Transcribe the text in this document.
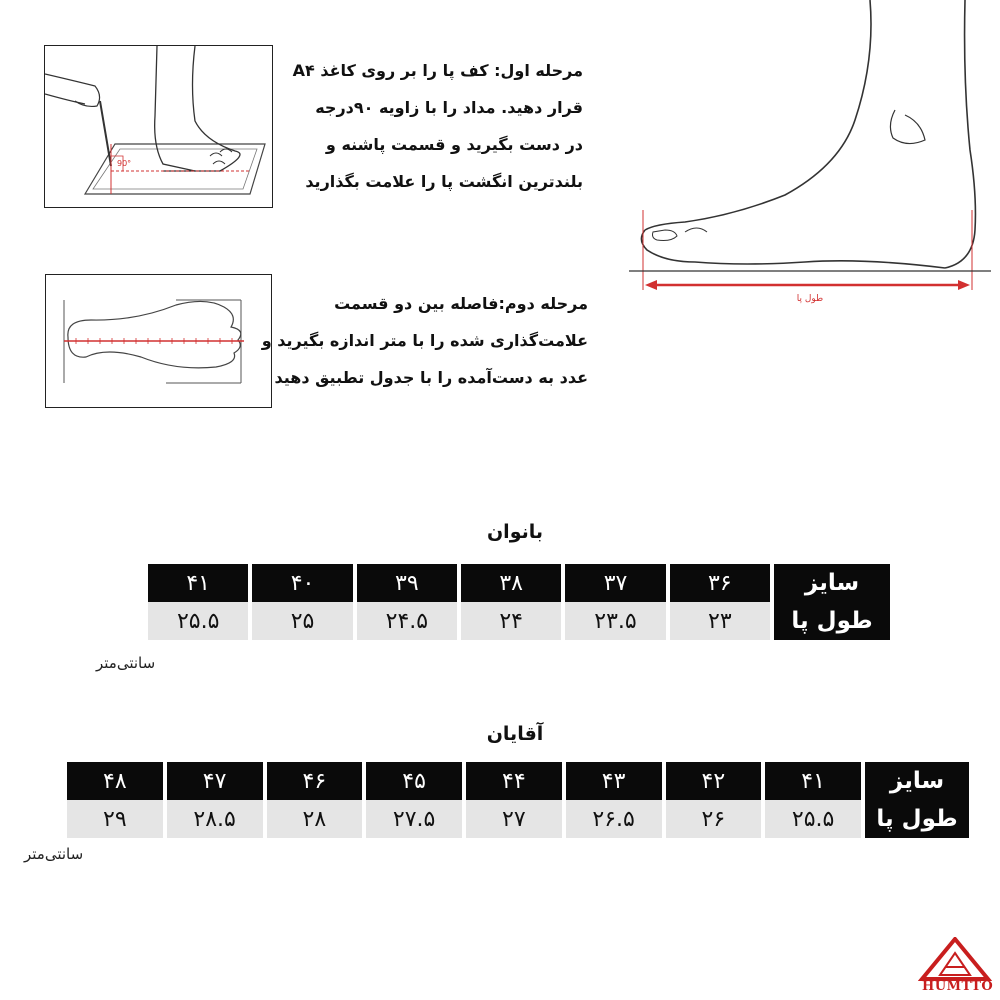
90°
مرحله اول: کف پا را بر روی کاغذ A۴
قرار دهید. مداد را با زاویه ۹۰درجه
در دست بگیرید و قسمت پاشنه و
بلندترین انگشت پا را علامت بگذارید
مرحله دوم:فاصله بین دو قسمت
علامت‌گذاری شده را با متر اندازه بگیرید و
عدد به دست‌آمده را با جدول تطبیق دهید
طول پا
بانوان
سایز	۳۶	۳۷	۳۸	۳۹	۴۰	۴۱
طول پا	۲۳	۲۳.۵	۲۴	۲۴.۵	۲۵	۲۵.۵
سانتی‌متر
آقایان
سایز	۴۱	۴۲	۴۳	۴۴	۴۵	۴۶	۴۷	۴۸
طول پا	۲۵.۵	۲۶	۲۶.۵	۲۷	۲۷.۵	۲۸	۲۸.۵	۲۹
سانتی‌متر
HUMTTO
